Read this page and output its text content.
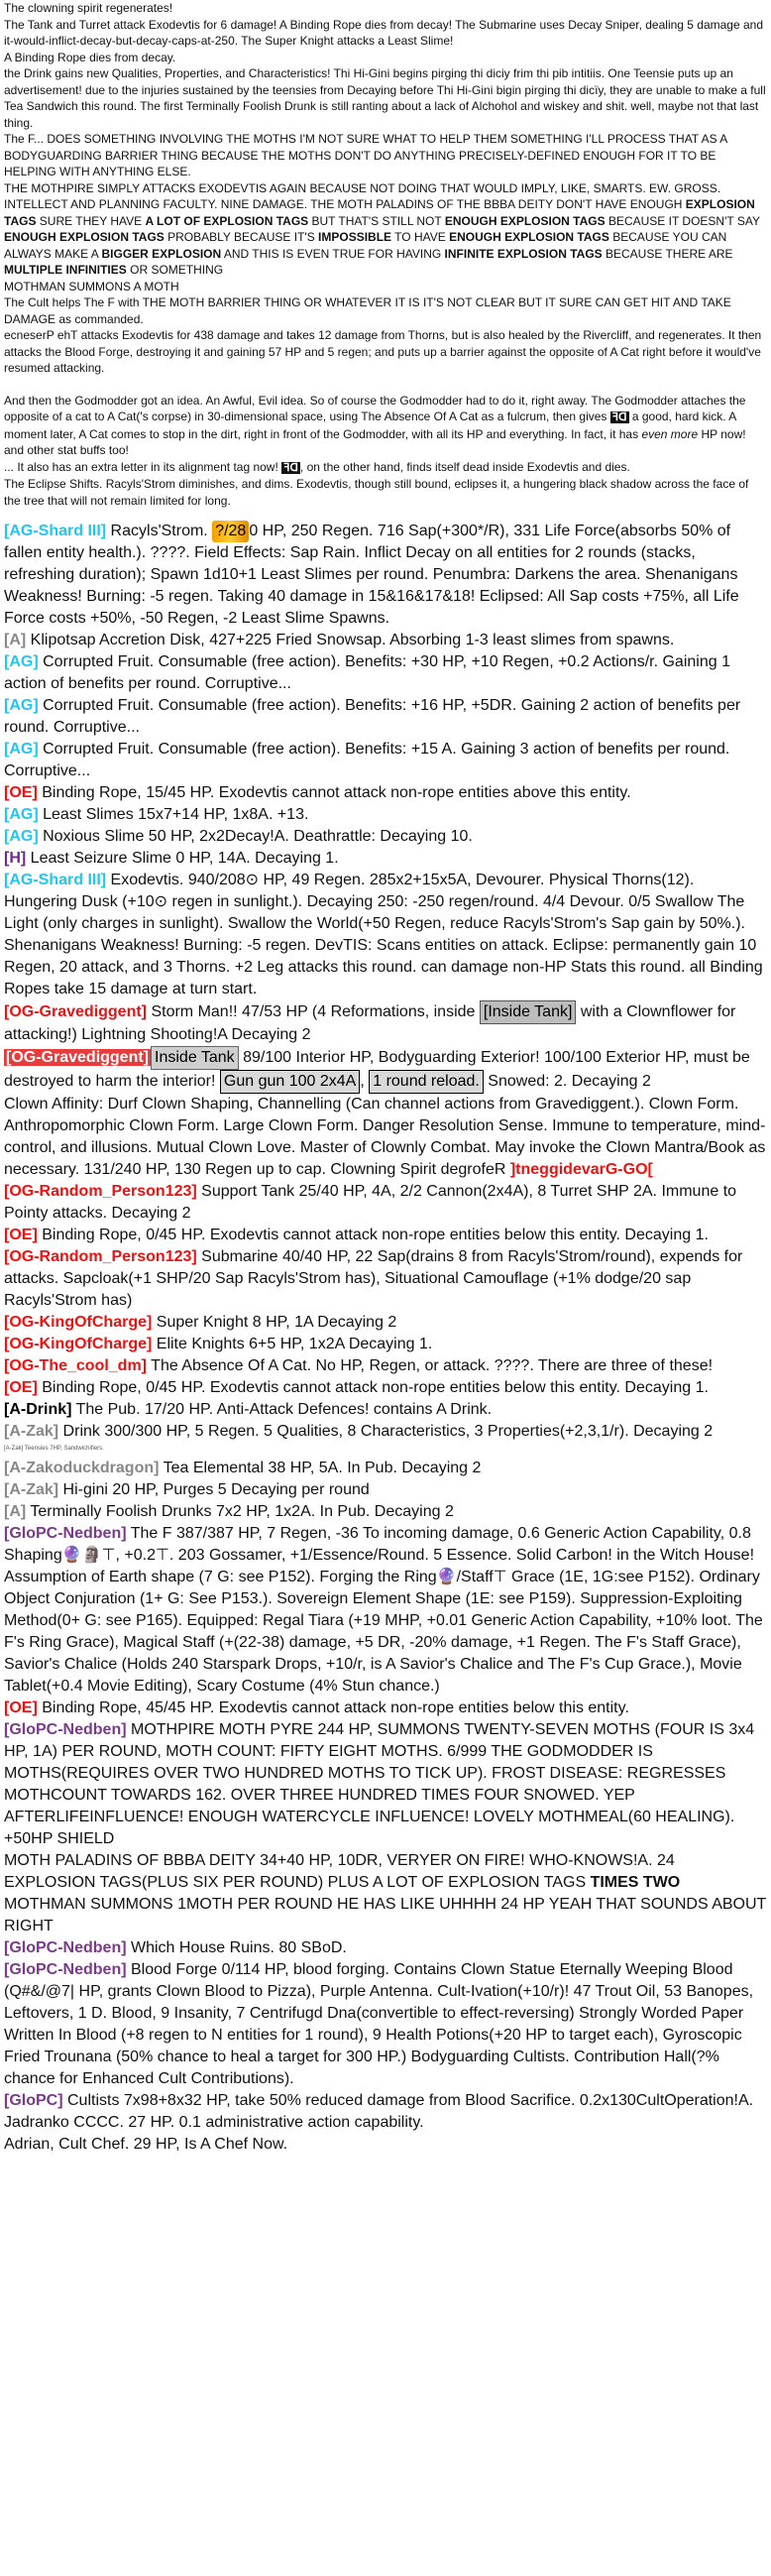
The clowning spirit regenerates!

The Tank and Turret attack Exodevtis for 6 damage! A Binding Rope dies from decay! The Submarine uses Decay Sniper, dealing 5 damage and it-would-inflict-decay-but-decay-caps-at-250. The Super Knight attacks a Least Slime!

A Binding Rope dies from decay.

the Drink gains new Qualities, Properties, and Characteristics! Thi Hi-Gini begins pirging thi diciy frim thi pib intitiis. One Teensie puts up an advertisement! due to the injuries sustained by the teensies from Decaying before Thi Hi-Gini bigin pirging thi dicïy, they are unable to make a full Tea Sandwich this round. The first Terminally Foolish Drunk is still ranting about a lack of Alchohol and wiskey and shit. well, maybe not that last thing.

The F... DOES SOMETHING INVOLVING THE MOTHS I'M NOT SURE WHAT TO HELP THEM SOMETHING I'LL PROCESS THAT AS A BODYGUARDING BARRIER THING BECAUSE THE MOTHS DON'T DO ANYTHING PRECISELY-DEFINED ENOUGH FOR IT TO BE HELPING WITH ANYTHING ELSE.

THE MOTHPIRE SIMPLY ATTACKS EXODEVTIS AGAIN BECAUSE NOT DOING THAT WOULD IMPLY, LIKE, SMARTS. EW. GROSS. INTELLECT AND PLANNING FACULTY. NINE DAMAGE. THE MOTH PALADINS OF THE BBBA DEITY DON'T HAVE ENOUGH EXPLOSION TAGS SURE THEY HAVE A LOT OF EXPLOSION TAGS BUT THAT'S STILL NOT ENOUGH EXPLOSION TAGS BECAUSE IT DOESN'T SAY ENOUGH EXPLOSION TAGS PROBABLY BECAUSE IT'S IMPOSSIBLE TO HAVE ENOUGH EXPLOSION TAGS BECAUSE YOU CAN ALWAYS MAKE A BIGGER EXPLOSION AND THIS IS EVEN TRUE FOR HAVING INFINITE EXPLOSION TAGS BECAUSE THERE ARE MULTIPLE INFINITIES OR SOMETHING

MOTHMAN SUMMONS A MOTH

The Cult helps The F with THE MOTH BARRIER THING OR WHATEVER IT IS IT'S NOT CLEAR BUT IT SURE CAN GET HIT AND TAKE DAMAGE as commanded.

ecneserP ehT attacks Exodevtis for 438 damage and takes 12 damage from Thorns, but is also healed by the Rivercliff, and regenerates. It then attacks the Blood Forge, destroying it and gaining 57 HP and 5 regen; and puts up a barrier against the opposite of A Cat right before it would've resumed attacking.

And then the Godmodder got an idea. An Awful, Evil idea. So of course the Godmodder had to do it, right away. The Godmodder attaches the opposite of a cat to A Cat('s corpse) in 30-dimensional space, using The Absence Of A Cat as a fulcrum, then gives ꟻᗡ a good, hard kick. A moment later, A Cat comes to stop in the dirt, right in front of the Godmodder, with all its HP and everything. In fact, it has even more HP now! and other stat buffs too!

... It also has an extra letter in its alignment tag now! ꟻᗡ , on the other hand, finds itself dead inside Exodevtis and dies.

The Eclipse Shifts. Racyls'Strom diminishes, and dims. Exodevtis, though still bound, eclipses it, a hungering black shadow across the face of the tree that will not remain limited for long.

[AG-Shard III] Racyls'Strom. ?/28 0 HP, 250 Regen. 716 Sap(+300*/R), 331 Life Force(absorbs 50% of fallen entity health.). ????. Field Effects: Sap Rain. Inflict Decay on all entities for 2 rounds (stacks, refreshing duration); Spawn 1d10+1 Least Slimes per round. Penumbra: Darkens the area. Shenanigans Weakness! Burning: -5 regen. Taking 40 damage in 15&16&17&18! Eclipsed: All Sap costs +75%, all Life Force costs +50%, -50 Regen, -2 Least Slime Spawns.

[A] Klipotsap Accretion Disk, 427+225 Fried Snowsap. Absorbing 1-3 least slimes from spawns.

[AG] Corrupted Fruit. Consumable (free action). Benefits: +30 HP, +10 Regen, +0.2 Actions/r. Gaining 1 action of benefits per round. Corruptive...

[AG] Corrupted Fruit. Consumable (free action). Benefits: +16 HP, +5DR. Gaining 2 action of benefits per round. Corruptive...

[AG] Corrupted Fruit. Consumable (free action). Benefits: +15 A. Gaining 3 action of benefits per round. Corruptive...

[OE] Binding Rope, 15/45 HP. Exodevtis cannot attack non-rope entities above this entity.

[AG] Least Slimes 15x7+14 HP, 1x8A. +13.

[AG] Noxious Slime 50 HP, 2x2Decay!A. Deathrattle: Decaying 10.

[H] Least Seizure Slime 0 HP, 14A. Decaying 1.

[AG-Shard III] Exodevtis. 940/208⊙ HP, 49 Regen. 285x2+15x5A, Devourer. Physical Thorns(12). Hungering Dusk (+10⊙ regen in sunlight.). Decaying 250: -250 regen/round. 4/4 Devour. 0/5 Swallow The Light (only charges in sunlight). Swallow the World(+50 Regen, reduce Racyls'Strom's Sap gain by 50%.). Shenanigans Weakness! Burning: -5 regen. DevTIS: Scans entities on attack. Eclipse: permanently gain 10 Regen, 20 attack, and 3 Thorns. +2 Leg attacks this round. can damage non-HP Stats this round. all Binding Ropes take 15 damage at turn start.

[OG-Gravediggent] Storm Man!! 47/53 HP (4 Reformations, inside [Inside Tank] with a Clownflower for attacking!) Lightning Shooting!A Decaying 2

[OG-Gravediggent] Inside Tank 89/100 Interior HP, Bodyguarding Exterior! 100/100 Exterior HP, must be destroyed to harm the interior! Gun gun 100 2x4A , 1 round reload. Snowed: 2. Decaying 2
Clown Affinity: Durf Clown Shaping, Channelling (Can channel actions from Gravediggent.). Clown Form. Anthropomorphic Clown Form. Large Clown Form. Danger Resolution Sense. Immune to temperature, mind-control, and illusions. Mutual Clown Love. Master of Clownly Combat. May invoke the Clown Mantra/Book as necessary. 131/240 HP, 130 Regen up to cap. Clowning Spirit degrofeR ]tneggidevarG-GO[

[OG-Random_Person123] Support Tank 25/40 HP, 4A, 2/2 Cannon(2x4A), 8 Turret SHP 2A. Immune to Pointy attacks. Decaying 2

[OE] Binding Rope, 0/45 HP. Exodevtis cannot attack non-rope entities below this entity. Decaying 1.

[OG-Random_Person123] Submarine 40/40 HP, 22 Sap(drains 8 from Racyls'Strom/round), expends for attacks. Sapcloak(+1 SHP/20 Sap Racyls'Strom has), Situational Camouflage (+1% dodge/20 sap Racyls'Strom has)

[OG-KingOfCharge] Super Knight 8 HP, 1A Decaying 2

[OG-KingOfCharge] Elite Knights 6+5 HP, 1x2A Decaying 1.

[OG-The_cool_dm] The Absence Of A Cat. No HP, Regen, or attack. ????. There are three of these!

[OE] Binding Rope, 0/45 HP. Exodevtis cannot attack non-rope entities below this entity. Decaying 1.

[A-Drink] The Pub. 17/20 HP. Anti-Attack Defences! contains A Drink.

[A-Zak] Drink 300/300 HP, 5 Regen. 5 Qualities, 8 Characteristics, 3 Properties(+2,3,1/r). Decaying 2

[A-Zak] Teensies 7HP, Sandwichifiers.

[A-Zakoduckdragon] Tea Elemental 38 HP, 5A. In Pub. Decaying 2

[A-Zak] Hi-gini 20 HP, Purges 5 Decaying per round

[A] Terminally Foolish Drunks 7x2 HP, 1x2A. In Pub. Decaying 2

[GloPC-Nedben] The F 387/387 HP, 7 Regen, -36 To incoming damage, 0.6 Generic Action Capability, 0.8 Shaping🔮🗿⊤, +0.2⊤. 203 Gossamer, +1/Essence/Round. 5 Essence. Solid Carbon! in the Witch House! Assumption of Earth shape (7 G: see P152). Forging the Ring🔮/Staff⊤ Grace (1E, 1G:see P152). Ordinary Object Conjuration (1+ G: See P153.). Sovereign Element Shape (1E: see P159). Suppression-Exploiting Method(0+ G: see P165). Equipped: Regal Tiara (+19 MHP, +0.01 Generic Action Capability, +10% loot. The F's Ring Grace), Magical Staff (+(22-38) damage, +5 DR, -20% damage, +1 Regen. The F's Staff Grace), Savior's Chalice (Holds 240 Starspark Drops, +10/r, is A Savior's Chalice and The F's Cup Grace.), Movie Tablet(+0.4 Movie Editing), Scary Costume (4% Stun chance.)

[OE] Binding Rope, 45/45 HP. Exodevtis cannot attack non-rope entities below this entity.

[GloPC-Nedben] MOTHPIRE MOTH PYRE 244 HP, SUMMONS TWENTY-SEVEN MOTHS (FOUR IS 3x4 HP, 1A) PER ROUND, MOTH COUNT: FIFTY EIGHT MOTHS. 6/999 THE GODMODDER IS MOTHS(REQUIRES OVER TWO HUNDRED MOTHS TO TICK UP). FROST DISEASE: REGRESSES MOTHCOUNT TOWARDS 162. OVER THREE HUNDRED TIMES FOUR SNOWED. YEP AFTERLIFEINFLUENCE! ENOUGH WATERCYCLE INFLUENCE! LOVELY MOTHMEAL(60 HEALING). +50HP SHIELD

MOTH PALADINS OF BBBA DEITY 34+40 HP, 10DR, VERYER ON FIRE! WHO-KNOWS!A. 24 EXPLOSION TAGS(PLUS SIX PER ROUND) PLUS A LOT OF EXPLOSION TAGS TIMES TWO
MOTHMAN SUMMONS 1MOTH PER ROUND HE HAS LIKE UHHHH 24 HP YEAH THAT SOUNDS ABOUT RIGHT

[GloPC-Nedben] Which House Ruins. 80 SBoD.

[GloPC-Nedben] Blood Forge 0/114 HP, blood forging. Contains Clown Statue Eternally Weeping Blood (Q#&/@7| HP, grants Clown Blood to Pizza), Purple Antenna. Cult-Ivation(+10/r)! 47 Trout Oil, 53 Banopes, Leftovers, 1 D. Blood, 9 Insanity, 7 Centrifugd Dna(convertible to effect-reversing) Strongly Worded Paper Written In Blood (+8 regen to N entities for 1 round), 9 Health Potions(+20 HP to target each), Gyroscopic Fried Trounana (50% chance to heal a target for 300 HP.) Bodyguarding Cultists. Contribution Hall(?% chance for Enhanced Cult Contributions).

[GloPC] Cultists 7x98+8x32 HP, take 50% reduced damage from Blood Sacrifice. 0.2x130CultOperation!A.

Jadranko CCCC. 27 HP. 0.1 administrative action capability.

Adrian, Cult Chef. 29 HP, Is A Chef Now.
